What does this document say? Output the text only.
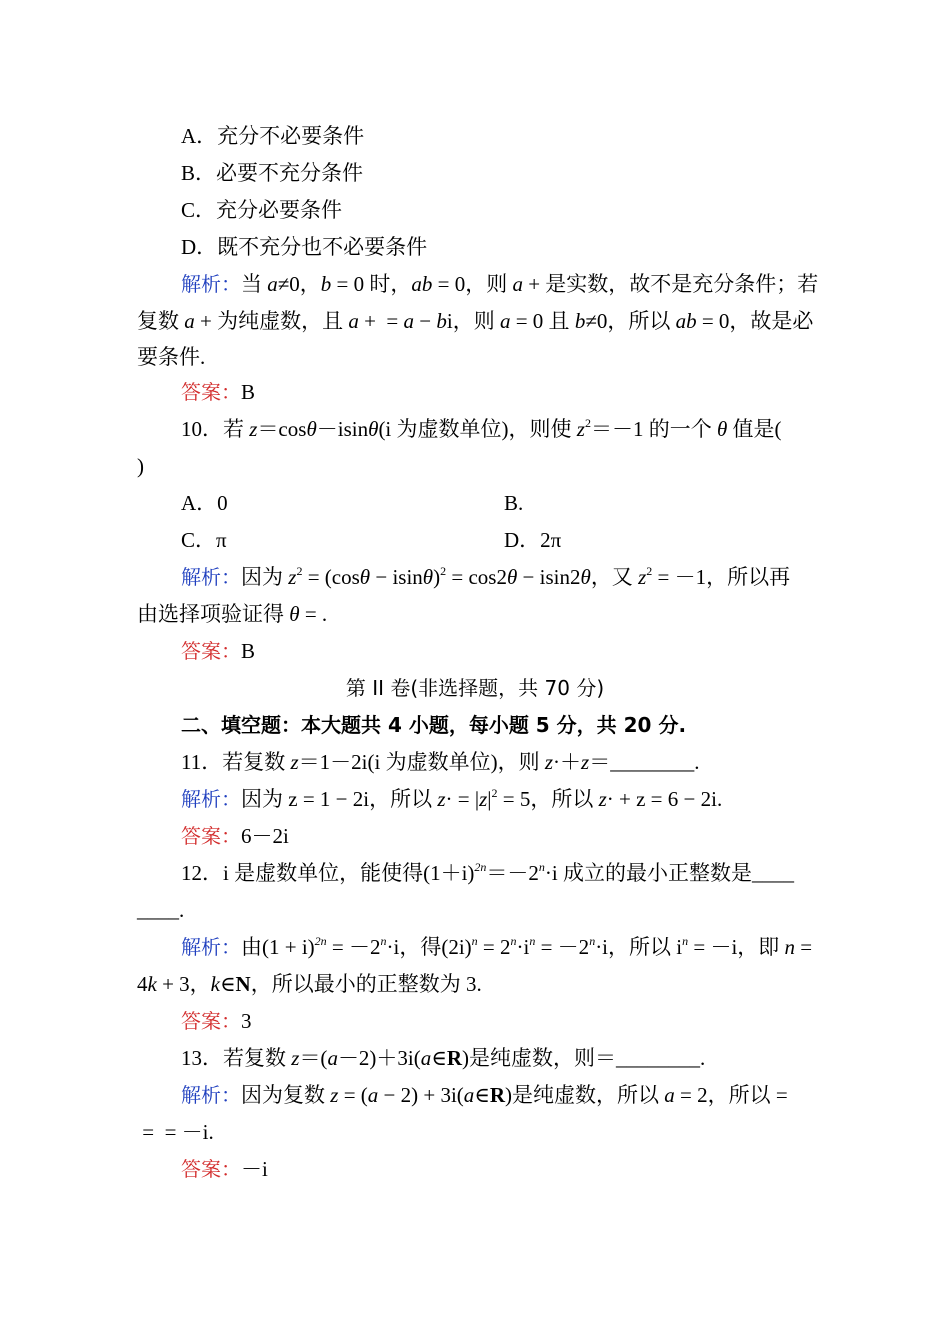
A．充分不必要条件
B．必要不充分条件
C．充分必要条件
D．既不充分也不必要条件
解析：当 a≠0，b = 0 时，ab = 0，则 a + 是实数，故不是充分条件；若
复数 a + 为纯虚数，且 a +  = a − bi，则 a = 0 且 b≠0，所以 ab = 0，故是必
要条件.
答案：B
10．若 z＝cosθ－isinθ(i 为虚数单位)，则使 $z^2=-1$ 的一个 θ 值是(
)
A．0	B.
C．π	D．2π
解析：因为 $z^2 = (\cos\theta - isin\theta)^2 = \cos 2\theta - isin2\theta$，又 $z^2 = -1$，所以再
由选择项验证得 θ = .
答案：B
第 II 卷(非选择题，共 70 分)
二、填空题：本大题共 4 小题，每小题 5 分，共 20 分.
11．若复数 z＝1－2i(i 为虚数单位)，则 z·＋z＝________.
解析：因为 z = 1 − 2i，所以 $z\cdot = |z|^2 = 5$，所以 z· + z = 6 − 2i.
答案：6－2i
12．i 是虚数单位，能使得$(1+i)^{2n}=-2^n\cdot i$ 成立的最小正整数是____
____.
解析：由$(1 + i)^{2n} = -2^n\cdot i$，得$(2i)^n = 2^n\cdot i^n = -2^n\cdot i$，所以 $i^n = -i$，即 n =
4k + 3，k∈N，所以最小的正整数为 3.
答案：3
13．若复数 z＝(a－2)＋3i(a∈R)是纯虚数，则＝________.
解析：因为复数 z = (a − 2) + 3i(a∈R)是纯虚数，所以 a = 2，所以 =
=  = －i.
答案：－i
